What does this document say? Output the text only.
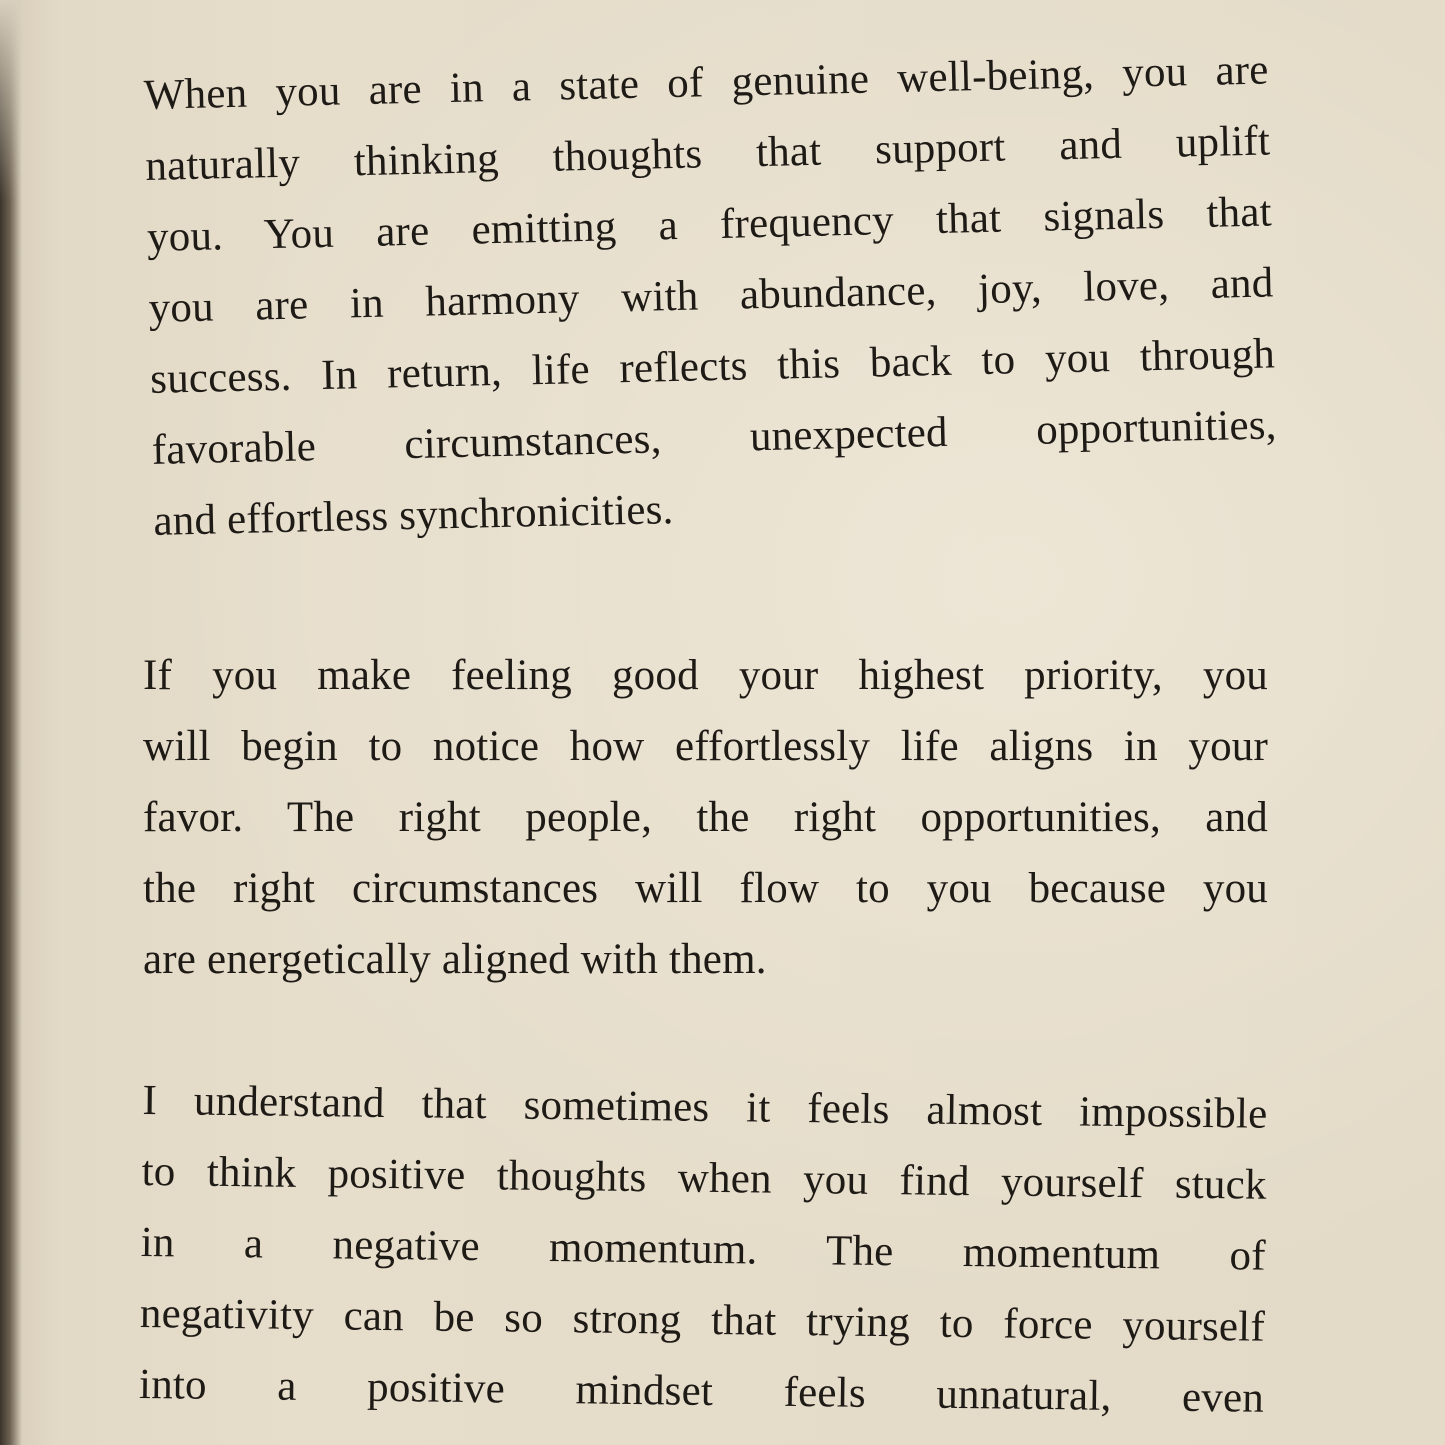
When you are in a state of genuine well-being, you are
naturally thinking thoughts that support and uplift
you. You are emitting a frequency that signals that
you are in harmony with abundance, joy, love, and
success. In return, life reflects this back to you through
favorable circumstances, unexpected opportunities,
and effortless synchronicities.
If you make feeling good your highest priority, you
will begin to notice how effortlessly life aligns in your
favor. The right people, the right opportunities, and
the right circumstances will flow to you because you
are energetically aligned with them.
I understand that sometimes it feels almost impossible
to think positive thoughts when you find yourself stuck
in a negative momentum. The momentum of
negativity can be so strong that trying to force yourself
into a positive mindset feels unnatural, even
